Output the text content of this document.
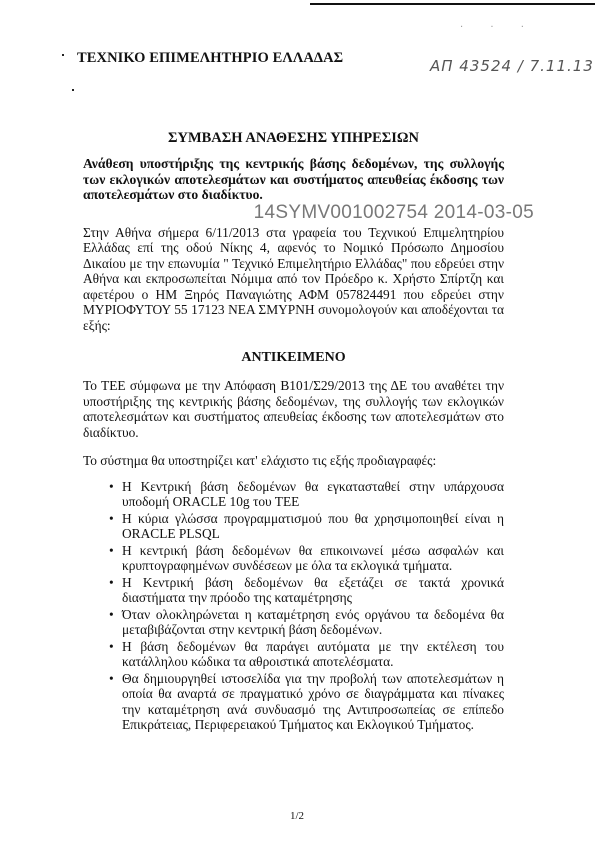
ΤΕΧΝΙΚΟ ΕΠΙΜΕΛΗΤΗΡΙΟ ΕΛΛΑΔΑΣ
· · ·
ΑΠ 43524 / 7.11.13
ΣΥΜΒΑΣΗ ΑΝΑΘΕΣΗΣ ΥΠΗΡΕΣΙΩΝ
Ανάθεση υποστήριξης της κεντρικής βάσης δεδομένων, της συλλογής των εκλογικών αποτελεσμάτων και συστήματος απευθείας έκδοσης των αποτελεσμάτων στο διαδίκτυο.
14SYMV001002754 2014-03-05
Στην Αθήνα σήμερα 6/11/2013 στα γραφεία του Τεχνικού Επιμελητηρίου Ελλάδας επί της οδού Νίκης 4, αφενός το Νομικό Πρόσωπο Δημοσίου Δικαίου με την επωνυμία " Τεχνικό Επιμελητήριο Ελλάδας" που εδρεύει στην Αθήνα και εκπροσωπείται Νόμιμα από τον Πρόεδρο κ. Χρήστο Σπίρτζη και αφετέρου ο ΗΜ Ξηρός Παναγιώτης ΑΦΜ 057824491 που εδρεύει στην ΜΥΡΙΟΦΥΤΟΥ 55 17123 ΝΕΑ ΣΜΥΡΝΗ συνομολογούν και αποδέχονται τα εξής:
ΑΝΤΙΚΕΙΜΕΝΟ
Το ΤΕΕ σύμφωνα με την Απόφαση Β101/Σ29/2013 της ΔΕ του αναθέτει την υποστήριξης της κεντρικής βάσης δεδομένων, της συλλογής των εκλογικών αποτελεσμάτων και συστήματος απευθείας έκδοσης των αποτελεσμάτων στο διαδίκτυο.
Το σύστημα θα υποστηρίζει κατ' ελάχιστο τις εξής προδιαγραφές:
• Η Κεντρική βάση δεδομένων θα εγκατασταθεί στην υπάρχουσα υποδομή ORACLE 10g του ΤΕΕ
• Η κύρια γλώσσα προγραμματισμού που θα χρησιμοποιηθεί είναι η ORACLE PLSQL
• Η κεντρική βάση δεδομένων θα επικοινωνεί μέσω ασφαλών και κρυπτογραφημένων συνδέσεων με όλα τα εκλογικά τμήματα.
• Η Κεντρική βάση δεδομένων θα εξετάζει σε τακτά χρονικά διαστήματα την πρόοδο της καταμέτρησης
• Όταν ολοκληρώνεται η καταμέτρηση ενός οργάνου τα δεδομένα θα μεταβιβάζονται στην κεντρική βάση δεδομένων.
• Η βάση δεδομένων θα παράγει αυτόματα με την εκτέλεση του κατάλληλου κώδικα τα αθροιστικά αποτελέσματα.
• Θα δημιουργηθεί ιστοσελίδα για την προβολή των αποτελεσμάτων η οποία θα αναρτά σε πραγματικό χρόνο σε διαγράμματα και πίνακες την καταμέτρηση ανά συνδυασμό της Αντιπροσωπείας σε επίπεδο Επικράτειας, Περιφερειακού Τμήματος και Εκλογικού Τμήματος.
1/2
